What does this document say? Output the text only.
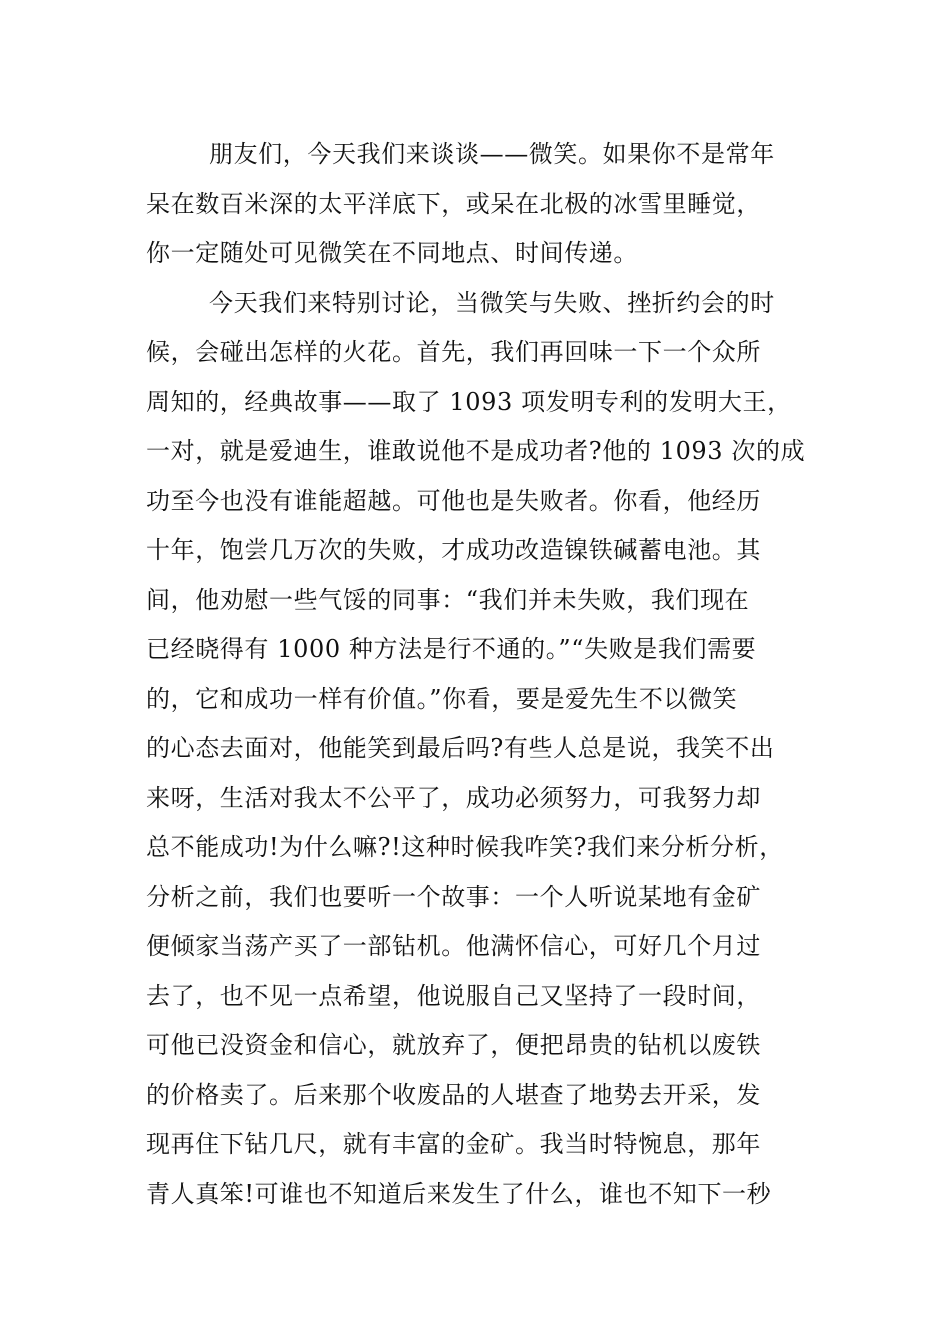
朋友们，今天我们来谈谈——微笑。如果你不是常年
呆在数百米深的太平洋底下，或呆在北极的冰雪里睡觉，
你一定随处可见微笑在不同地点、时间传递。

今天我们来特别讨论，当微笑与失败、挫折约会的时
候，会碰出怎样的火花。首先，我们再回味一下一个众所
周知的，经典故事——取了 1093 项发明专利的发明大王，
一对，就是爱迪生，谁敢说他不是成功者?他的 1093 次的成
功至今也没有谁能超越。可他也是失败者。你看，他经历
十年，饱尝几万次的失败，才成功改造镍铁碱蓄电池。其
间，他劝慰一些气馁的同事：“我们并未失败，我们现在
已经晓得有 1000 种方法是行不通的。”“失败是我们需要
的，它和成功一样有价值。”你看，要是爱先生不以微笑
的心态去面对，他能笑到最后吗?有些人总是说，我笑不出
来呀，生活对我太不公平了，成功必须努力，可我努力却
总不能成功!为什么嘛?!这种时候我咋笑?我们来分析分析，
分析之前，我们也要听一个故事：一个人听说某地有金矿
便倾家当荡产买了一部钻机。他满怀信心，可好几个月过
去了，也不见一点希望，他说服自己又坚持了一段时间，
可他已没资金和信心，就放弃了，便把昂贵的钻机以废铁
的价格卖了。后来那个收废品的人堪查了地势去开采，发
现再住下钻几尺，就有丰富的金矿。我当时特惋息，那年
青人真笨!可谁也不知道后来发生了什么，谁也不知下一秒
